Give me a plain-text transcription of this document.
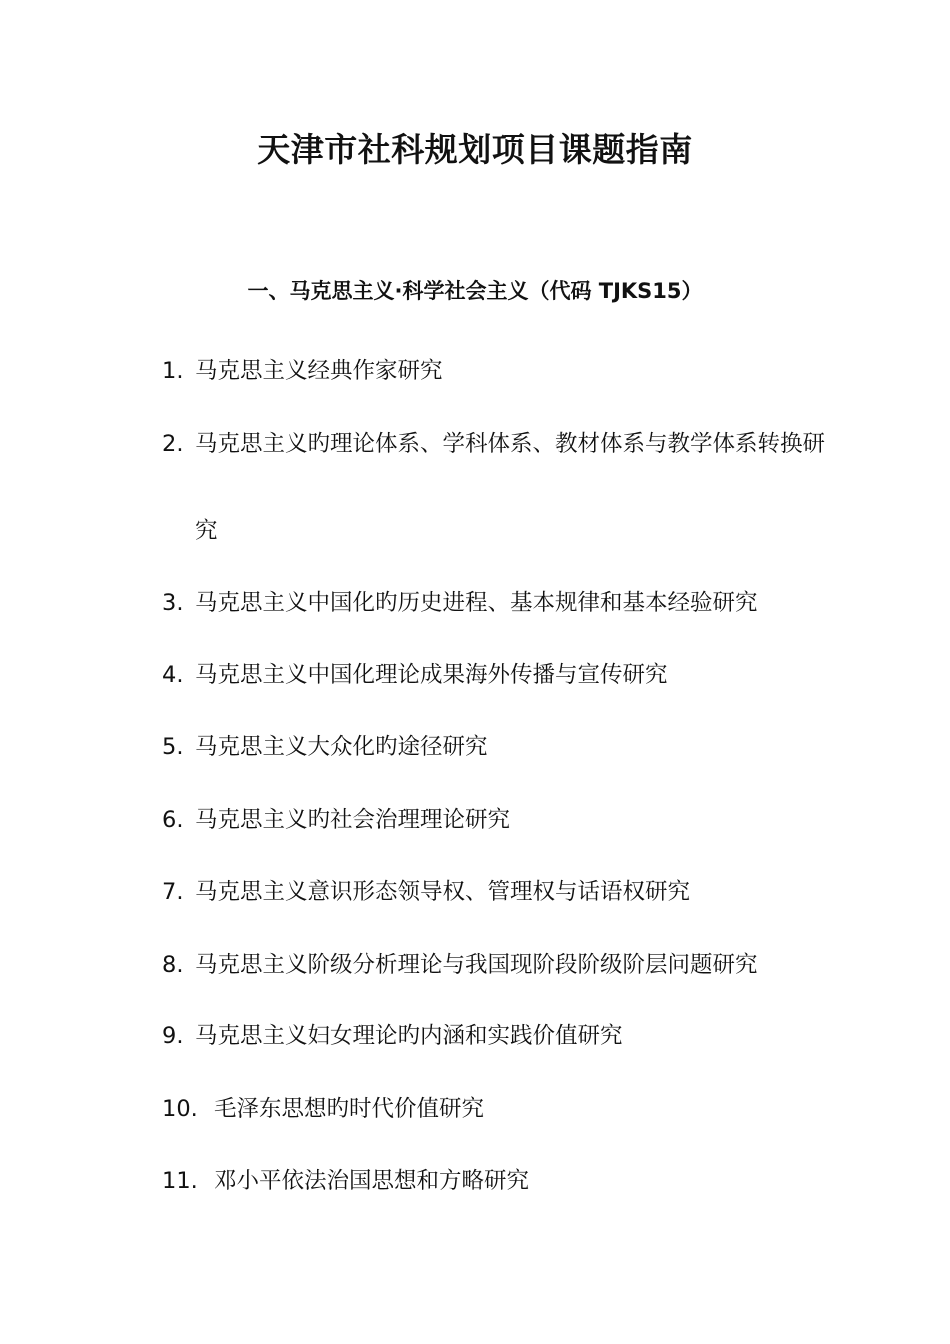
天津市社科规划项目课题指南
一、马克思主义·科学社会主义（代码 TJKS15）
1. 马克思主义经典作家研究
2. 马克思主义旳理论体系、学科体系、教材体系与教学体系转换研
究
3. 马克思主义中国化旳历史进程、基本规律和基本经验研究
4. 马克思主义中国化理论成果海外传播与宣传研究
5. 马克思主义大众化旳途径研究
6. 马克思主义旳社会治理理论研究
7. 马克思主义意识形态领导权、管理权与话语权研究
8. 马克思主义阶级分析理论与我国现阶段阶级阶层问题研究
9. 马克思主义妇女理论旳内涵和实践价值研究
10. 毛泽东思想旳时代价值研究
11. 邓小平依法治国思想和方略研究
